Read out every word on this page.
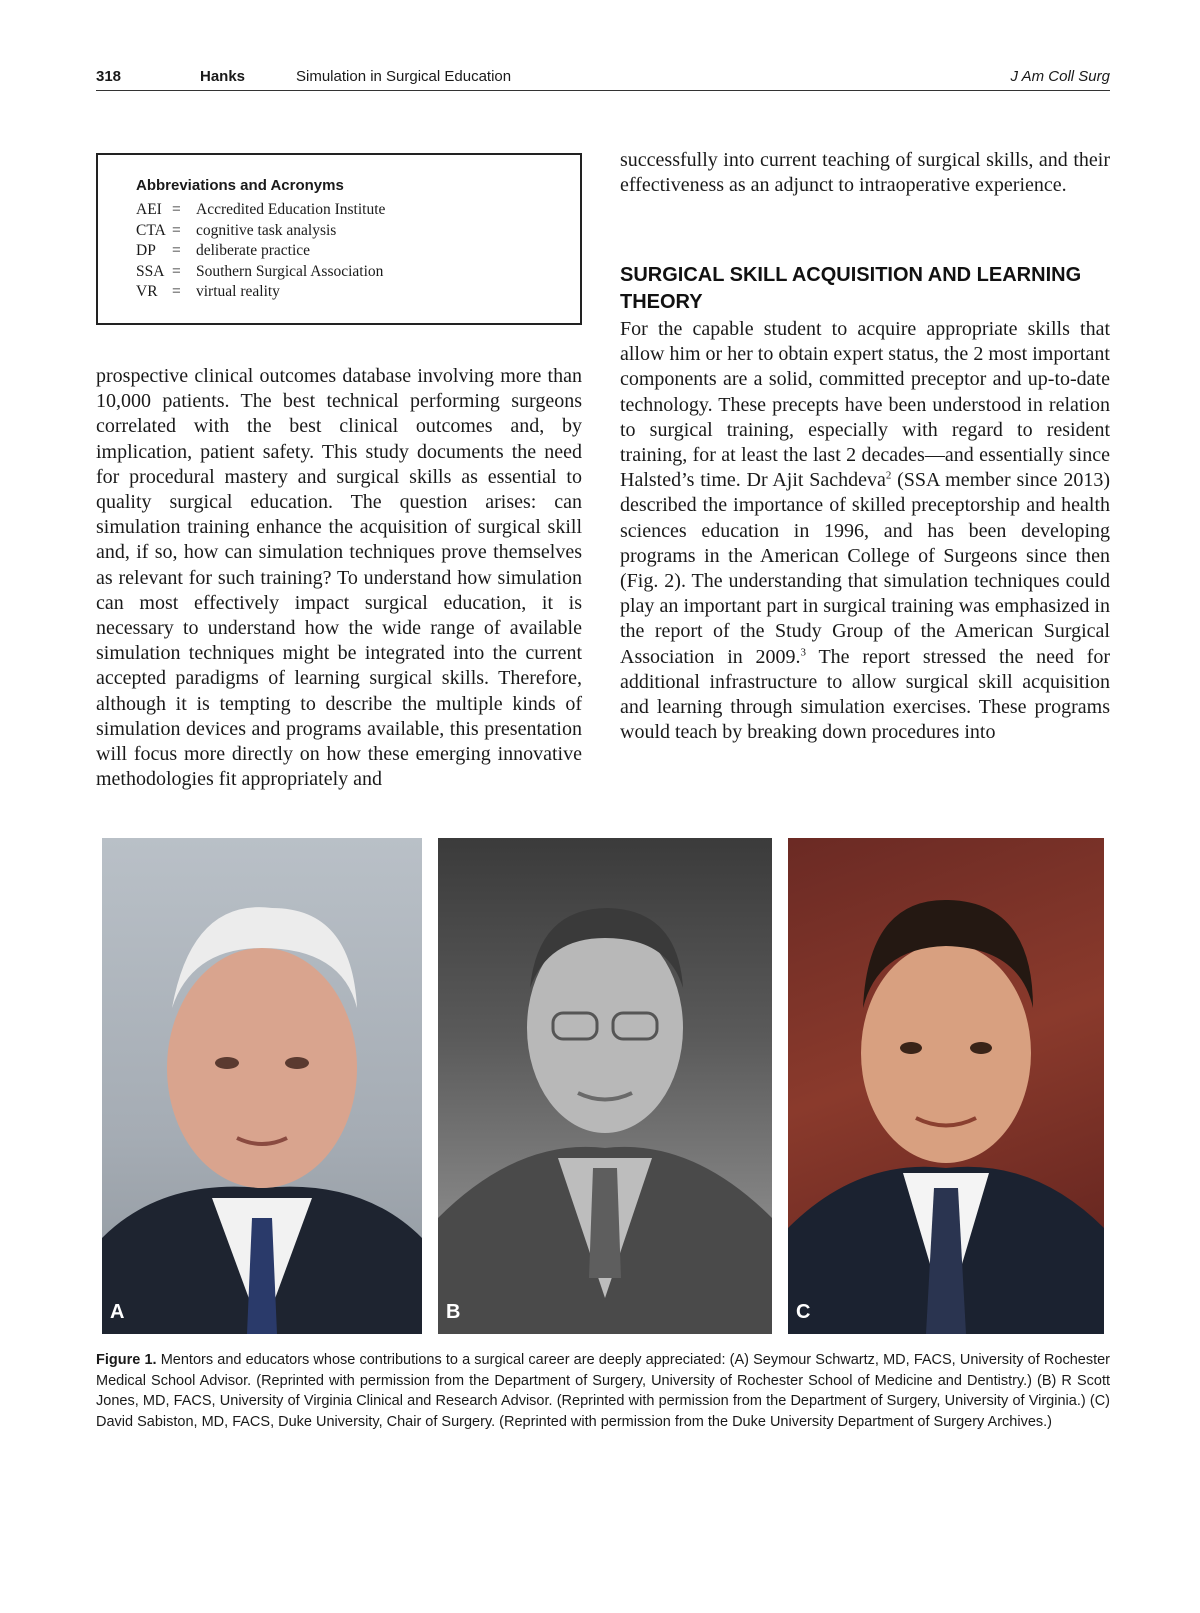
318	Hanks	Simulation in Surgical Education	J Am Coll Surg
Abbreviations and Acronyms
AEI = Accredited Education Institute
CTA = cognitive task analysis
DP = deliberate practice
SSA = Southern Surgical Association
VR = virtual reality

prospective clinical outcomes database involving more than 10,000 patients. The best technical performing surgeons correlated with the best clinical outcomes and, by implication, patient safety. This study documents the need for procedural mastery and surgical skills as essential to quality surgical education. The question arises: can simulation training enhance the acquisition of surgical skill and, if so, how can simulation techniques prove themselves as relevant for such training? To understand how simulation can most effectively impact surgical education, it is necessary to understand how the wide range of available simulation techniques might be integrated into the current accepted paradigms of learning surgical skills. Therefore, although it is tempting to describe the multiple kinds of simulation devices and programs available, this presentation will focus more directly on how these emerging innovative methodologies fit appropriately and

successfully into current teaching of surgical skills, and their effectiveness as an adjunct to intraoperative experience.

SURGICAL SKILL ACQUISITION AND LEARNING THEORY

For the capable student to acquire appropriate skills that allow him or her to obtain expert status, the 2 most important components are a solid, committed preceptor and up-to-date technology. These precepts have been understood in relation to surgical training, especially with regard to resident training, for at least the last 2 decades—and essentially since Halsted’s time. Dr Ajit Sachdeva$^2$ (SSA member since 2013) described the importance of skilled preceptorship and health sciences education in 1996, and has been developing programs in the American College of Surgeons since then (Fig. 2). The understanding that simulation techniques could play an important part in surgical training was emphasized in the report of the Study Group of the American Surgical Association in 2009.$^3$ The report stressed the need for additional infrastructure to allow surgical skill acquisition and learning through simulation exercises. These programs would teach by breaking down procedures into

A	B	C
Figure 1. Mentors and educators whose contributions to a surgical career are deeply appreciated: (A) Seymour Schwartz, MD, FACS, University of Rochester Medical School Advisor. (Reprinted with permission from the Department of Surgery, University of Rochester School of Medicine and Dentistry.) (B) R Scott Jones, MD, FACS, University of Virginia Clinical and Research Advisor. (Reprinted with permission from the Department of Surgery, University of Virginia.) (C) David Sabiston, MD, FACS, Duke University, Chair of Surgery. (Reprinted with permission from the Duke University Department of Surgery Archives.)
